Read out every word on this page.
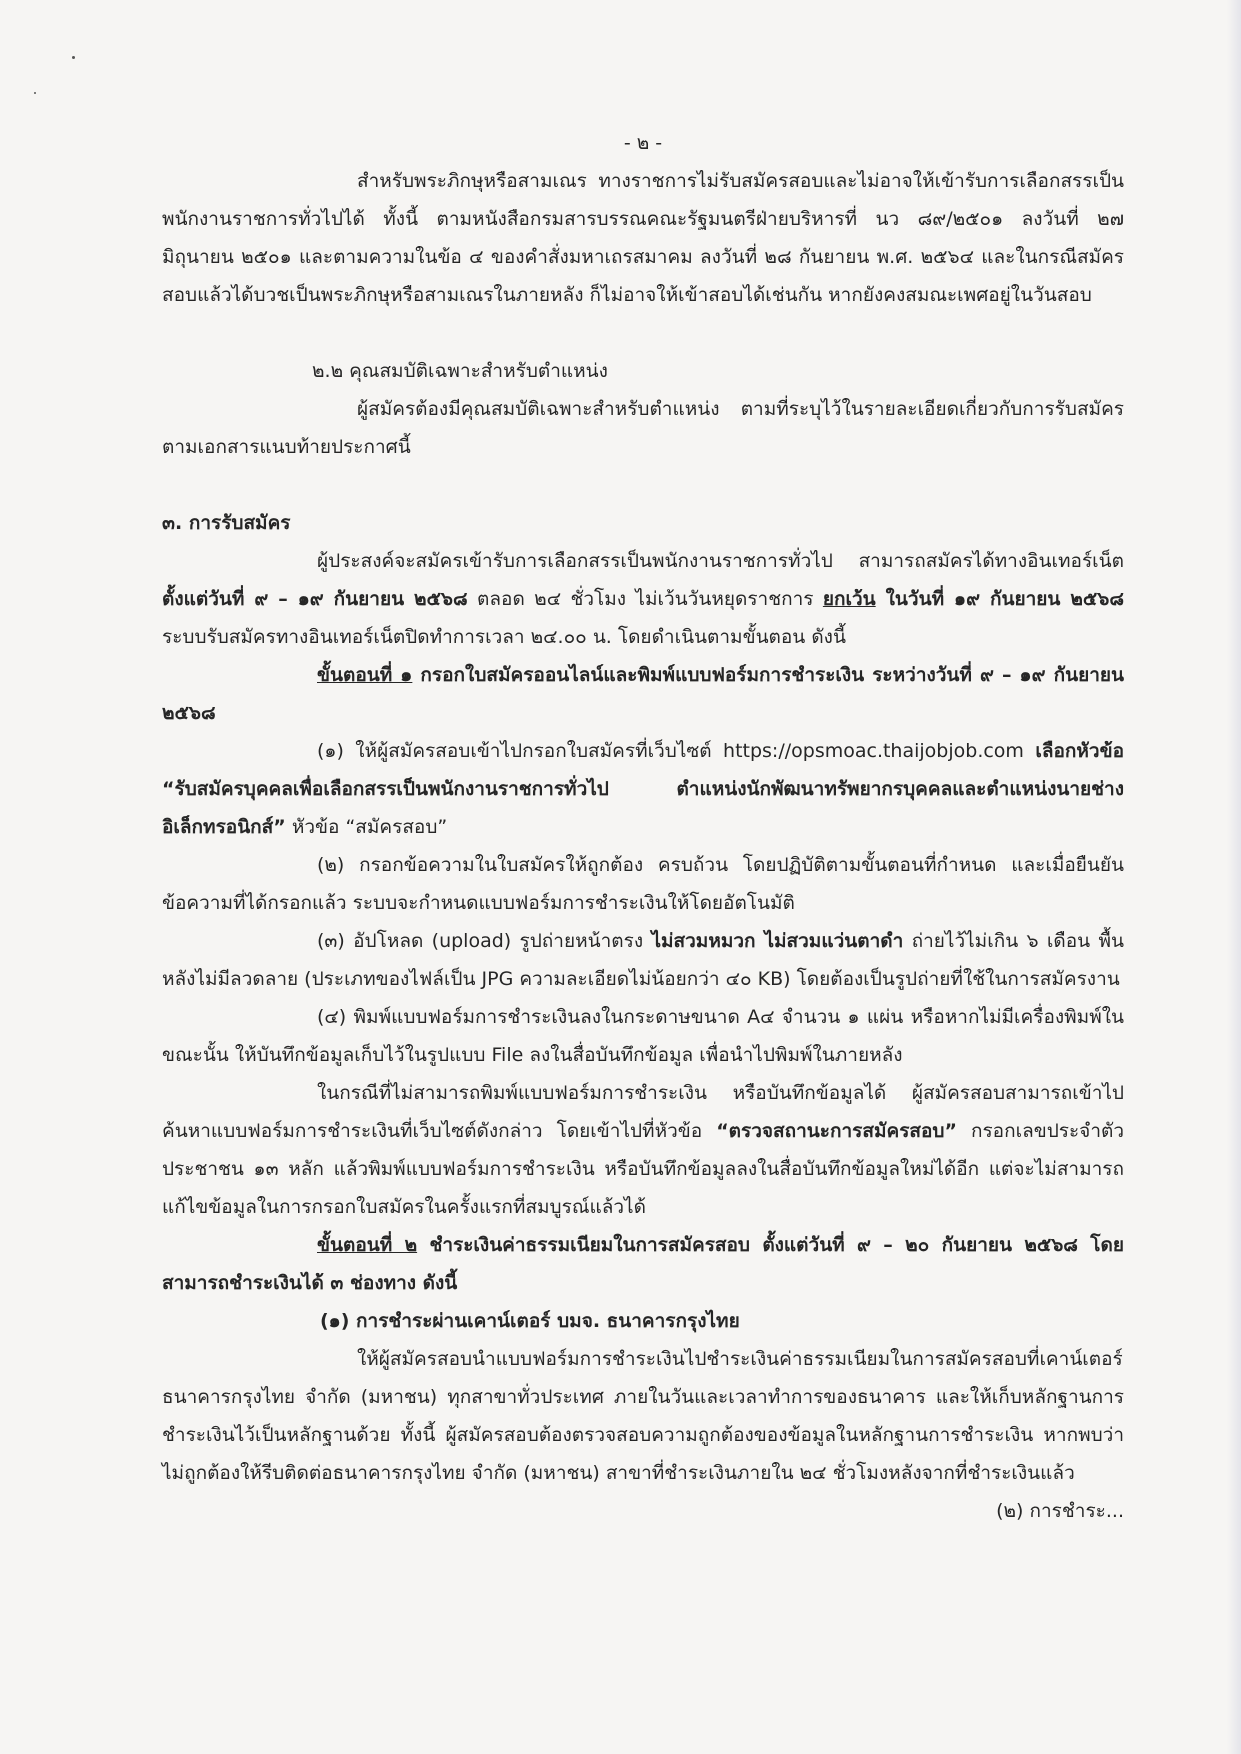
- ๒ -

สำหรับพระภิกษุหรือสามเณร ทางราชการไม่รับสมัครสอบและไม่อาจให้เข้ารับการเลือกสรรเป็นพนักงานราชการทั่วไปได้ ทั้งนี้ ตามหนังสือกรมสารบรรณคณะรัฐมนตรีฝ่ายบริหารที่ นว ๘๙/๒๕๐๑ ลงวันที่ ๒๗ มิถุนายน ๒๕๐๑ และตามความในข้อ ๔ ของคำสั่งมหาเถรสมาคม ลงวันที่ ๒๘ กันยายน พ.ศ. ๒๕๖๔ และในกรณีสมัครสอบแล้วได้บวชเป็นพระภิกษุหรือสามเณรในภายหลัง ก็ไม่อาจให้เข้าสอบได้เช่นกัน หากยังคงสมณะเพศอยู่ในวันสอบ

๒.๒ คุณสมบัติเฉพาะสำหรับตำแหน่ง

ผู้สมัครต้องมีคุณสมบัติเฉพาะสำหรับตำแหน่ง ตามที่ระบุไว้ในรายละเอียดเกี่ยวกับการรับสมัครตามเอกสารแนบท้ายประกาศนี้

๓. การรับสมัคร

ผู้ประสงค์จะสมัครเข้ารับการเลือกสรรเป็นพนักงานราชการทั่วไป สามารถสมัครได้ทางอินเทอร์เน็ต ตั้งแต่วันที่ ๙ – ๑๙ กันยายน ๒๕๖๘ ตลอด ๒๔ ชั่วโมง ไม่เว้นวันหยุดราชการ ยกเว้น ในวันที่ ๑๙ กันยายน ๒๕๖๘ ระบบรับสมัครทางอินเทอร์เน็ตปิดทำการเวลา ๒๔.๐๐ น. โดยดำเนินตามขั้นตอน ดังนี้

ขั้นตอนที่ ๑ กรอกใบสมัครออนไลน์และพิมพ์แบบฟอร์มการชำระเงิน ระหว่างวันที่ ๙ – ๑๙ กันยายน ๒๕๖๘

(๑) ให้ผู้สมัครสอบเข้าไปกรอกใบสมัครที่เว็บไซต์ https://opsmoac.thaijobjob.com เลือกหัวข้อ “รับสมัครบุคคลเพื่อเลือกสรรเป็นพนักงานราชการทั่วไป ตำแหน่งนักพัฒนาทรัพยากรบุคคลและตำแหน่งนายช่างอิเล็กทรอนิกส์” หัวข้อ “สมัครสอบ”

(๒) กรอกข้อความในใบสมัครให้ถูกต้อง ครบถ้วน โดยปฏิบัติตามขั้นตอนที่กำหนด และเมื่อยืนยันข้อความที่ได้กรอกแล้ว ระบบจะกำหนดแบบฟอร์มการชำระเงินให้โดยอัตโนมัติ

(๓) อัปโหลด (upload) รูปถ่ายหน้าตรง ไม่สวมหมวก ไม่สวมแว่นตาดำ ถ่ายไว้ไม่เกิน ๖ เดือน พื้นหลังไม่มีลวดลาย (ประเภทของไฟล์เป็น JPG ความละเอียดไม่น้อยกว่า ๔๐ KB) โดยต้องเป็นรูปถ่ายที่ใช้ในการสมัครงาน

(๔) พิมพ์แบบฟอร์มการชำระเงินลงในกระดาษขนาด A๔ จำนวน ๑ แผ่น หรือหากไม่มีเครื่องพิมพ์ในขณะนั้น ให้บันทึกข้อมูลเก็บไว้ในรูปแบบ File ลงในสื่อบันทึกข้อมูล เพื่อนำไปพิมพ์ในภายหลัง

ในกรณีที่ไม่สามารถพิมพ์แบบฟอร์มการชำระเงิน หรือบันทึกข้อมูลได้ ผู้สมัครสอบสามารถเข้าไปค้นหาแบบฟอร์มการชำระเงินที่เว็บไซต์ดังกล่าว โดยเข้าไปที่หัวข้อ “ตรวจสถานะการสมัครสอบ” กรอกเลขประจำตัวประชาชน ๑๓ หลัก แล้วพิมพ์แบบฟอร์มการชำระเงิน หรือบันทึกข้อมูลลงในสื่อบันทึกข้อมูลใหม่ได้อีก แต่จะไม่สามารถแก้ไขข้อมูลในการกรอกใบสมัครในครั้งแรกที่สมบูรณ์แล้วได้

ขั้นตอนที่ ๒ ชำระเงินค่าธรรมเนียมในการสมัครสอบ ตั้งแต่วันที่ ๙ – ๒๐ กันยายน ๒๕๖๘ โดยสามารถชำระเงินได้ ๓ ช่องทาง ดังนี้

(๑) การชำระผ่านเคาน์เตอร์ บมจ. ธนาคารกรุงไทย

ให้ผู้สมัครสอบนำแบบฟอร์มการชำระเงินไปชำระเงินค่าธรรมเนียมในการสมัครสอบที่เคาน์เตอร์ ธนาคารกรุงไทย จำกัด (มหาชน) ทุกสาขาทั่วประเทศ ภายในวันและเวลาทำการของธนาคาร และให้เก็บหลักฐานการชำระเงินไว้เป็นหลักฐานด้วย ทั้งนี้ ผู้สมัครสอบต้องตรวจสอบความถูกต้องของข้อมูลในหลักฐานการชำระเงิน หากพบว่าไม่ถูกต้องให้รีบติดต่อธนาคารกรุงไทย จำกัด (มหาชน) สาขาที่ชำระเงินภายใน ๒๔ ชั่วโมงหลังจากที่ชำระเงินแล้ว

(๒) การชำระ...
